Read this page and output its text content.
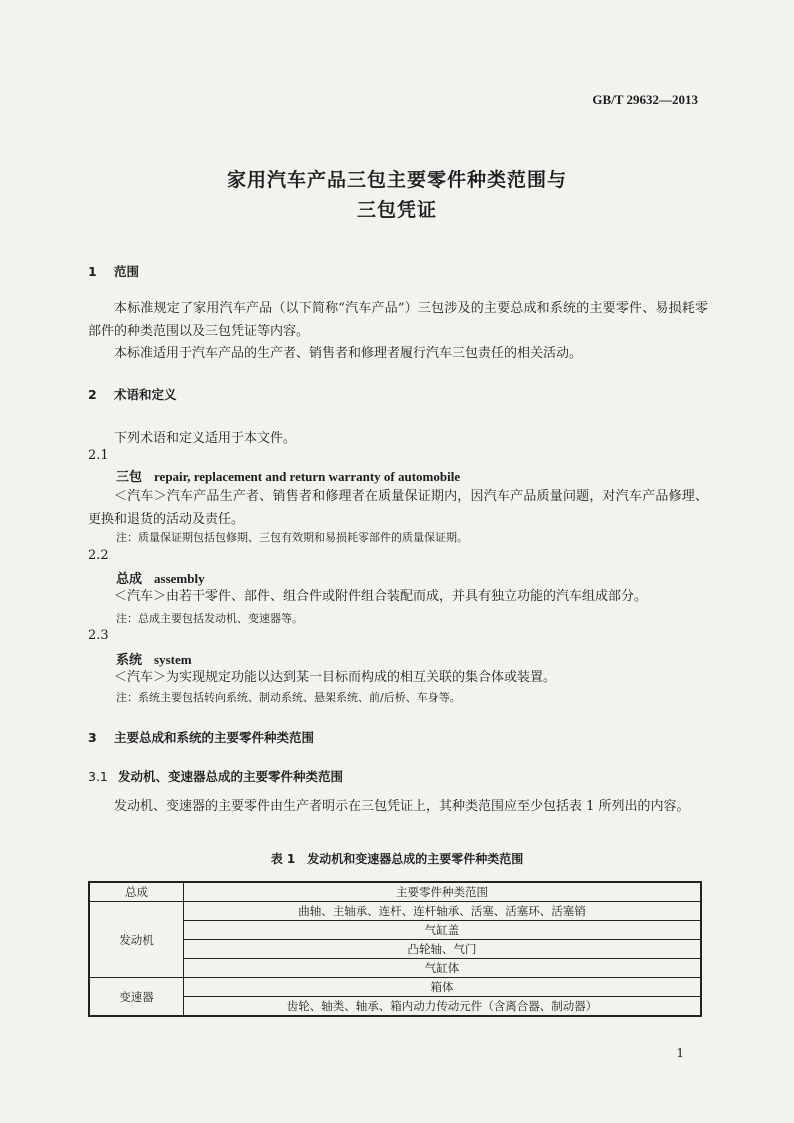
GB/T 29632—2013
家用汽车产品三包主要零件种类范围与
三包凭证
1 范围
本标准规定了家用汽车产品（以下简称“汽车产品”）三包涉及的主要总成和系统的主要零件、易损耗零部件的种类范围以及三包凭证等内容。
本标准适用于汽车产品的生产者、销售者和修理者履行汽车三包责任的相关活动。
2 术语和定义
下列术语和定义适用于本文件。
2.1
三包 repair, replacement and return warranty of automobile
＜汽车＞汽车产品生产者、销售者和修理者在质量保证期内，因汽车产品质量问题，对汽车产品修理、更换和退货的活动及责任。
注：质量保证期包括包修期、三包有效期和易损耗零部件的质量保证期。
2.2
总成 assembly
＜汽车＞由若干零件、部件、组合件或附件组合装配而成，并具有独立功能的汽车组成部分。
注：总成主要包括发动机、变速器等。
2.3
系统 system
＜汽车＞为实现规定功能以达到某一目标而构成的相互关联的集合体或装置。
注：系统主要包括转向系统、制动系统、悬架系统、前/后桥、车身等。
3 主要总成和系统的主要零件种类范围
3.1 发动机、变速器总成的主要零件种类范围
发动机、变速器的主要零件由生产者明示在三包凭证上，其种类范围应至少包括表 1 所列出的内容。
表 1　发动机和变速器总成的主要零件种类范围
总成	主要零件种类范围
发动机	曲轴、主轴承、连杆、连杆轴承、活塞、活塞环、活塞销
	气缸盖
	凸轮轴、气门
	气缸体
变速器	箱体
	齿轮、轴类、轴承、箱内动力传动元件（含离合器、制动器）
1
